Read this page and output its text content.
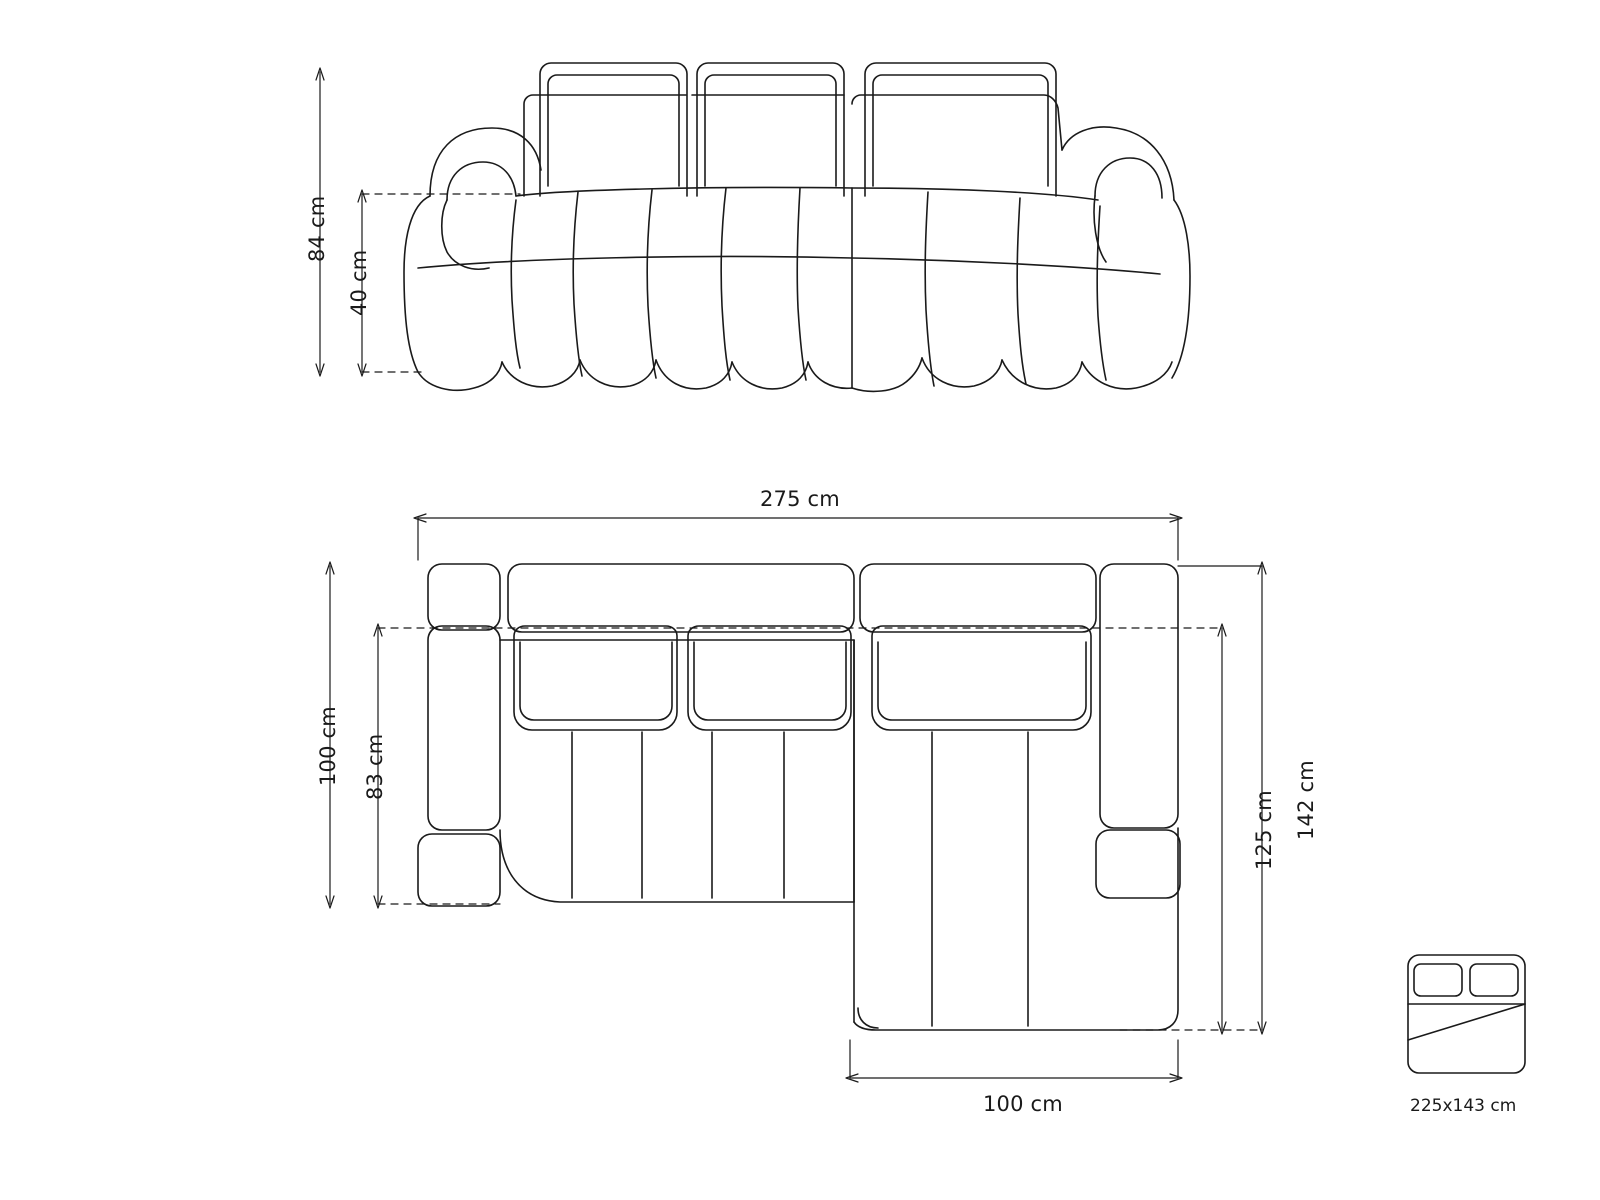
84 cm
40 cm
275 cm
100 cm 83 cm	142 cm
125 cm
100 cm	225x143 cm
